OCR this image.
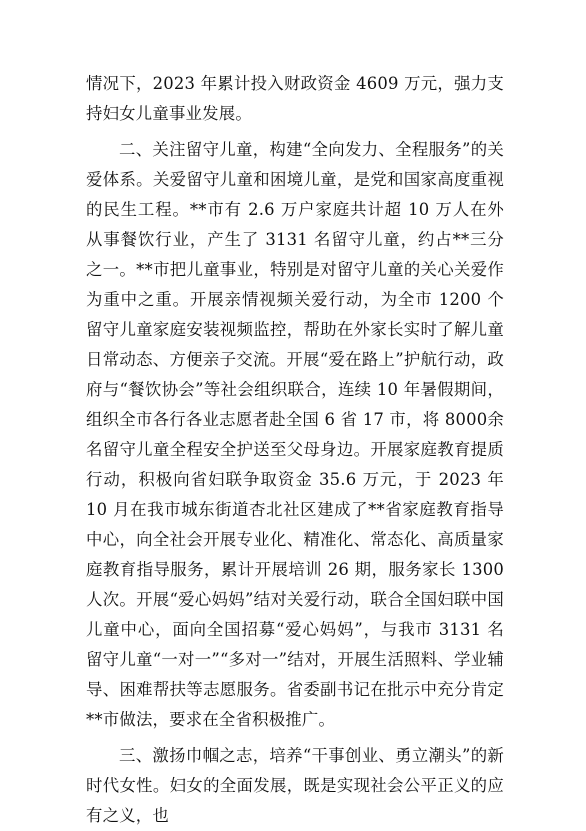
情况下，2023 年累计投入财政资金 4609 万元，强力支持妇女儿童事业发展。

二、关注留守儿童，构建“全向发力、全程服务”的关爱体系。关爱留守儿童和困境儿童，是党和国家高度重视的民生工程。**市有 2.6 万户家庭共计超 10 万人在外从事餐饮行业，产生了 3131 名留守儿童，约占**三分之一。**市把儿童事业，特别是对留守儿童的关心关爱作为重中之重。开展亲情视频关爱行动，为全市 1200 个留守儿童家庭安装视频监控，帮助在外家长实时了解儿童日常动态、方便亲子交流。开展“爱在路上”护航行动，政府与“餐饮协会”等社会组织联合，连续 10 年暑假期间，组织全市各行各业志愿者赴全国 6 省 17 市，将 8000余名留守儿童全程安全护送至父母身边。开展家庭教育提质行动，积极向省妇联争取资金 35.6 万元，于 2023 年 10 月在我市城东街道杏北社区建成了**省家庭教育指导中心，向全社会开展专业化、精准化、常态化、高质量家庭教育指导服务，累计开展培训 26 期，服务家长 1300 人次。开展“爱心妈妈”结对关爱行动，联合全国妇联中国儿童中心，面向全国招募“爱心妈妈”，与我市 3131 名留守儿童“一对一”“多对一”结对，开展生活照料、学业辅导、困难帮扶等志愿服务。省委副书记在批示中充分肯定**市做法，要求在全省积极推广。

三、激扬巾帼之志，培养“干事创业、勇立潮头”的新时代女性。妇女的全面发展，既是实现社会公平正义的应有之义，也
